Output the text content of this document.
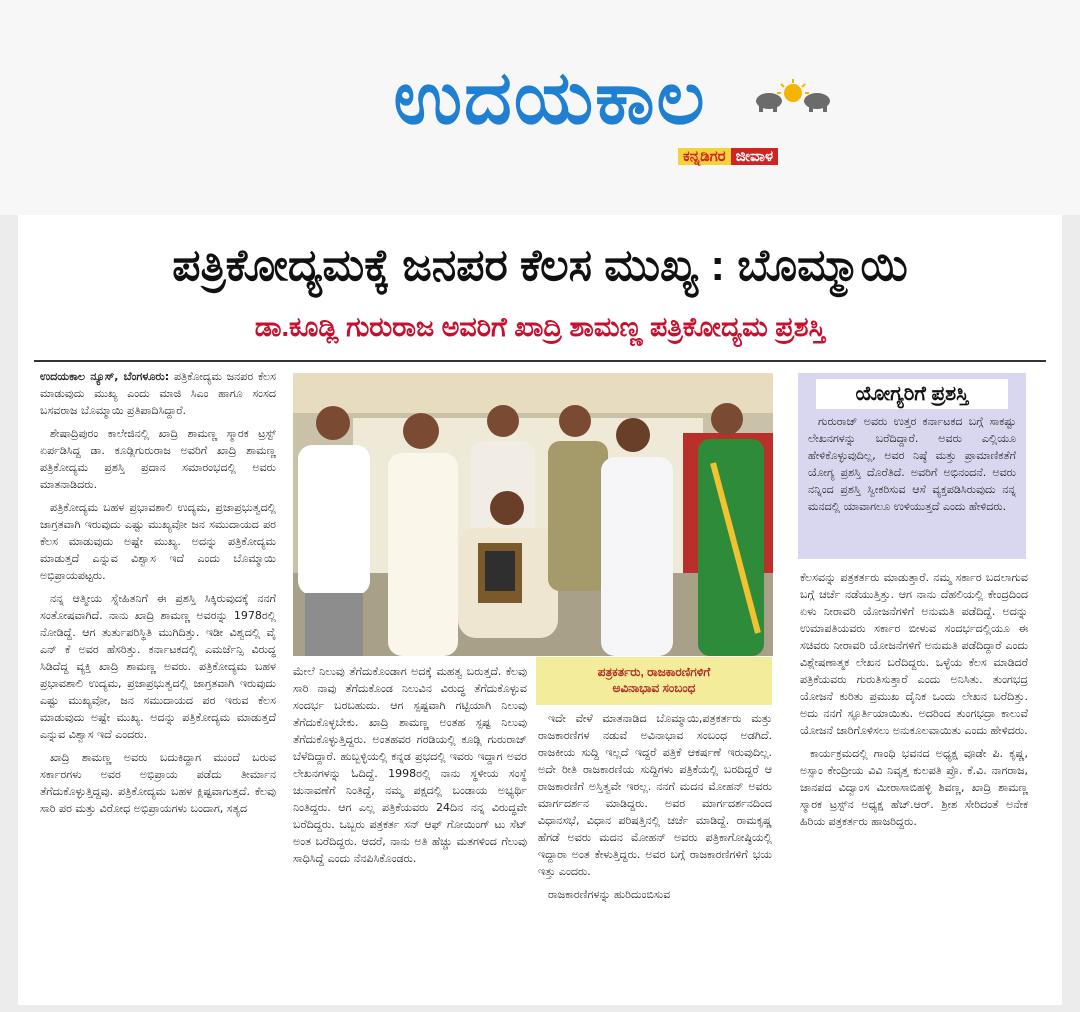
ಉದಯಕಾಲ
ಕನ್ನಡಿಗರ ಜೀವಾಳ
ಪತ್ರಿಕೋದ್ಯಮಕ್ಕೆ ಜನಪರ ಕೆಲಸ ಮುಖ್ಯ : ಬೊಮ್ಮಾಯಿ
ಡಾ.ಕೂಡ್ಲಿ ಗುರುರಾಜ ಅವರಿಗೆ ಖಾದ್ರಿ ಶಾಮಣ್ಣ ಪತ್ರಿಕೋದ್ಯಮ ಪ್ರಶಸ್ತಿ

ಉದಯಕಾಲ ನ್ಯೂಸ್, ಬೆಂಗಳೂರು: ಪತ್ರಿಕೋದ್ಯಮ ಜನಪರ ಕೆಲಸ ಮಾಡುವುದು ಮುಖ್ಯ ಎಂದು ಮಾಜಿ ಸಿಎಂ ಹಾಗೂ ಸಂಸದ ಬಸವರಾಜ ಬೊಮ್ಮಾಯಿ ಪ್ರತಿಪಾದಿಸಿದ್ದಾರೆ.

ಶೇಷಾದ್ರಿಪುರಂ ಕಾಲೇಜಿನಲ್ಲಿ ಖಾದ್ರಿ ಶಾಮಣ್ಣ ಸ್ಮಾರಕ ಟ್ರಸ್ಟ್ ಏರ್ಪಡಿಸಿದ್ದ ಡಾ. ಕೂಡ್ಲಿಗುರುರಾಜ ಅವರಿಗೆ ಖಾದ್ರಿ ಶಾಮಣ್ಣ ಪತ್ರಿಕೋದ್ಯಮ ಪ್ರಶಸ್ತಿ ಪ್ರದಾನ ಸಮಾರಂಭದಲ್ಲಿ ಅವರು ಮಾತನಾಡಿದರು.

ಪತ್ರಿಕೋದ್ಯಮ ಬಹಳ ಪ್ರಭಾವಶಾಲಿ ಉದ್ಯಮ, ಪ್ರಜಾಪ್ರಭುತ್ವದಲ್ಲಿ ಜಾಗ್ರತವಾಗಿ ಇರುವುದು ಎಷ್ಟು ಮುಖ್ಯವೋ ಜನ ಸಮುದಾಯದ ಪರ ಕೆಲಸ ಮಾಡುವುದು ಅಷ್ಟೇ ಮುಖ್ಯ. ಅದನ್ನು ಪತ್ರಿಕೋದ್ಯಮ ಮಾಡುತ್ತದೆ ಎನ್ನುವ ವಿಶ್ವಾಸ ಇದೆ ಎಂದು ಬೊಮ್ಮಾಯಿ ಅಭಿಪ್ರಾಯಪಟ್ಟರು.

ನನ್ನ ಆತ್ಮೀಯ ಸ್ನೇಹಿತನಿಗೆ ಈ ಪ್ರಶಸ್ತಿ ಸಿಕ್ಕಿರುವುದಕ್ಕೆ ನನಗೆ ಸಂತೋಷವಾಗಿದೆ. ನಾನು ಖಾದ್ರಿ ಶಾಮಣ್ಣ ಅವರನ್ನು 1978ರಲ್ಲಿ ನೋಡಿದ್ದೆ. ಆಗ ತುರ್ತುಪರಿಸ್ಥಿತಿ ಮುಗಿದಿತ್ತು. ಇಡೀ ವಿಶ್ವದಲ್ಲಿ ವೈ ಎನ್ ಕೆ ಅವರ ಹೆಸರಿತ್ತು. ಕರ್ನಾಟಕದಲ್ಲಿ ಎಮರ್ಜೆನ್ಸಿ ವಿರುದ್ಧ ಸಿಡಿದೆದ್ದ ವ್ಯಕ್ತಿ ಖಾದ್ರಿ ಶಾಮಣ್ಣ ಅವರು. ಪತ್ರಿಕೋದ್ಯಮ ಬಹಳ ಪ್ರಭಾವಶಾಲಿ ಉದ್ಯಮ, ಪ್ರಜಾಪ್ರಭುತ್ವದಲ್ಲಿ ಜಾಗ್ರತವಾಗಿ ಇರುವುದು ಎಷ್ಟು ಮುಖ್ಯವೋ, ಜನ ಸಮುದಾಯದ ಪರ ಇರುವ ಕೆಲಸ ಮಾಡುವುದು ಅಷ್ಟೇ ಮುಖ್ಯ. ಅದನ್ನು ಪತ್ರಿಕೋದ್ಯಮ ಮಾಡುತ್ತದೆ ಎನ್ನುವ ವಿಶ್ವಾಸ ಇದೆ ಎಂದರು.

ಖಾದ್ರಿ ಶಾಮಣ್ಣ ಅವರು ಬದುಕಿದ್ದಾಗ ಮುಂದೆ ಬರುವ ಸರ್ಕಾರಗಳು ಅವರ ಅಭಿಪ್ರಾಯ ಪಡೆದು ತೀರ್ಮಾನ ತೆಗೆದುಕೊಳ್ಳುತ್ತಿದ್ದವು. ಪತ್ರಿಕೋದ್ಯಮ ಬಹಳ ಕ್ಲಿಷ್ಟವಾಗುತ್ತದೆ. ಕೆಲವು ಸಾರಿ ಪರ ಮತ್ತು ವಿರೋಧ ಅಭಿಪ್ರಾಯಗಳು ಬಂದಾಗ, ಸತ್ಯದ

ಮೇಲೆ ನಿಲುವು ತೆಗೆದುಕೊಂಡಾಗ ಅದಕ್ಕೆ ಮಹತ್ವ ಬರುತ್ತದೆ. ಕೆಲವು ಸಾರಿ ನಾವು ತೆಗೆದುಕೊಂಡ ನಿಲುವಿನ ವಿರುದ್ಧ ತೆಗೆದುಕೊಳ್ಳುವ ಸಂದರ್ಭ ಬರಬಹುದು. ಆಗ ಸ್ಪಷ್ಟವಾಗಿ ಗಟ್ಟಿಯಾಗಿ ನಿಲುವು ತೆಗೆದುಕೊಳ್ಳಬೇಕು. ಖಾದ್ರಿ ಶಾಮಣ್ಣ ಅಂತಹ ಸ್ಪಷ್ಟ ನಿಲುವು ತೆಗೆದುಕೊಳ್ಳುತ್ತಿದ್ದರು. ಅಂತಹವರ ಗರಡಿಯಲ್ಲಿ ಕೂಡ್ಲಿ ಗುರುರಾಜ್ ಬೆಳೆದಿದ್ದಾರೆ. ಹುಬ್ಬಳ್ಳಿಯಲ್ಲಿ ಕನ್ನಡ ಪ್ರಭದಲ್ಲಿ ಇವರು ಇದ್ದಾಗ ಅವರ ಲೇಖನಗಳನ್ನು ಓದಿದ್ದೆ. 1998ರಲ್ಲಿ ನಾನು ಸ್ಥಳೀಯ ಸಂಸ್ಥೆ ಚುನಾವಣೆಗೆ ನಿಂತಿದ್ದೆ, ನಮ್ಮ ಪಕ್ಷದಲ್ಲಿ ಬಂಡಾಯ ಅಭ್ಯರ್ಥಿ ನಿಂತಿದ್ದರು. ಆಗ ಎಲ್ಲ ಪತ್ರಿಕೆಯವರು 24ದಿನ ನನ್ನ ವಿರುದ್ಧವೇ ಬರೆದಿದ್ದರು. ಒಬ್ಬರು ಪತ್ರಕರ್ತ ಸನ್ ಆಫ್ ಗೋಯಿಂಗ್ ಟು ಸೆಟ್ ಅಂತ ಬರೆದಿದ್ದರು. ಆದರೆ, ನಾನು ಅತಿ ಹೆಚ್ಚು ಮತಗಳಿಂದ ಗೆಲುವು ಸಾಧಿಸಿದ್ದೆ ಎಂದು ನೆನಪಿಸಿಕೊಂಡರು.

ಪತ್ರಕರ್ತರು, ರಾಜಕಾರಣಿಗಳಿಗೆ
ಅವಿನಾಭಾವ ಸಂಬಂಧ

ಇದೇ ವೇಳೆ ಮಾತನಾಡಿದ ಬೊಮ್ಮಾಯಿ,ಪತ್ರಕರ್ತರು ಮತ್ತು ರಾಜಕಾರಣಿಗಳ ನಡುವೆ ಅವಿನಾಭಾವ ಸಂಬಂಧ ಅಡಗಿದೆ. ರಾಜಕೀಯ ಸುದ್ದಿ ಇಲ್ಲದೆ ಇದ್ದರೆ ಪತ್ರಿಕೆ ಆಕರ್ಷಣೆ ಇರುವುದಿಲ್ಲ. ಅದೇ ರೀತಿ ರಾಜಕಾರಣಿಯ ಸುದ್ದಿಗಳು ಪತ್ರಿಕೆಯಲ್ಲಿ ಬರದಿದ್ದರೆ ಆ ರಾಜಕಾರಣಿಗೆ ಅಸ್ತಿತ್ವವೇ ಇರಲ್ಲ. ನನಗೆ ಮದನ ಮೋಹನ್ ಅವರು ಮಾರ್ಗದರ್ಶನ ಮಾಡಿದ್ದರು. ಅವರ ಮಾರ್ಗದರ್ಶನದಿಂದ ವಿಧಾನಸಭೆ, ವಿಧಾನ ಪರಿಷತ್ತಿನಲ್ಲಿ ಚರ್ಚೆ ಮಾಡಿದ್ದೆ. ರಾಮಕೃಷ್ಣ ಹೆಗಡೆ ಅವರು ಮದನ ಮೋಹನ್ ಅವರು ಪತ್ರಿಕಾಗೋಷ್ಠಿಯಲ್ಲಿ ಇದ್ದಾರಾ ಅಂತ ಕೇಳುತ್ತಿದ್ದರು. ಅವರ ಬಗ್ಗೆ ರಾಜಕಾರಣಿಗಳಿಗೆ ಭಯ ಇತ್ತು ಎಂದರು.

ರಾಜಕಾರಣಿಗಳನ್ನು ಹುರಿದುಂಬಿಸುವ

ಯೋಗ್ಯರಿಗೆ ಪ್ರಶಸ್ತಿ

ಗುರುರಾಜ್ ಅವರು ಉತ್ತರ ಕರ್ನಾಟಕದ ಬಗ್ಗೆ ಸಾಕಷ್ಟು ಲೇಖನಗಳನ್ನು ಬರೆದಿದ್ದಾರೆ. ಅವರು ಎಲ್ಲಿಯೂ ಹೇಳಿಕೊಳ್ಳುವುದಿಲ್ಲ, ಅವರ ನಿಷ್ಠೆ ಮತ್ತು ಪ್ರಾಮಾಣಿಕತೆಗೆ ಯೋಗ್ಯ ಪ್ರಶಸ್ತಿ ದೊರೆತಿದೆ. ಅವರಿಗೆ ಅಭಿನಂದನೆ. ಅವರು ನನ್ನಿಂದ ಪ್ರಶಸ್ತಿ ಸ್ವೀಕರಿಸುವ ಆಸೆ ವ್ಯಕ್ತಪಡಿಸಿರುವುದು ನನ್ನ ಮನದಲ್ಲಿ ಯಾವಾಗಲೂ ಉಳಿಯುತ್ತದೆ ಎಂದು ಹೇಳಿದರು.

ಕೆಲಸವನ್ನು ಪತ್ರಕರ್ತರು ಮಾಡುತ್ತಾರೆ. ನಮ್ಮ ಸರ್ಕಾರ ಬದಲಾಗುವ ಬಗ್ಗೆ ಚರ್ಚೆ ನಡೆಯುತ್ತಿತ್ತು. ಆಗ ನಾನು ದೆಹಲಿಯಲ್ಲಿ ಕೇಂದ್ರದಿಂದ ಏಳು ನೀರಾವರಿ ಯೋಜನೆಗಳಿಗೆ ಅನುಮತಿ ಪಡೆದಿದ್ದೆ. ಅದನ್ನು ಉಮಾಪತಿಯವರು ಸರ್ಕಾರ ಬೀಳುವ ಸಂದರ್ಭದಲ್ಲಿಯೂ ಈ ಸಚಿವರು ನೀರಾವರಿ ಯೋಜನೆಗಳಿಗೆ ಅನುಮತಿ ಪಡೆದಿದ್ದಾರೆ ಎಂದು ವಿಶ್ಲೇಷಣಾತ್ಮಕ ಲೇಖನ ಬರೆದಿದ್ದರು. ಒಳ್ಳೆಯ ಕೆಲಸ ಮಾಡಿದರೆ ಪತ್ರಿಕೆಯವರು ಗುರುತಿಸುತ್ತಾರೆ ಎಂದು ಅನಿಸಿತು. ತುಂಗಭದ್ರ ಯೋಜನೆ ಕುರಿತು ಪ್ರಮುಖ ದೈನಿಕ ಒಂದು ಲೇಖನ ಬರೆದಿತ್ತು. ಅದು ನನಗೆ ಸ್ಫೂರ್ತಿಯಾಯಿತು. ಅದರಿಂದ ತುಂಗಭದ್ರಾ ಕಾಲುವೆ ಯೋಜನೆ ಜಾರಿಗೊಳಿಸಲು ಅನುಕೂಲವಾಯಿತು ಎಂದು ಹೇಳಿದರು.

ಕಾರ್ಯಕ್ರಮದಲ್ಲಿ ಗಾಂಧಿ ಭವನದ ಅಧ್ಯಕ್ಷ ವೂಡೇ ಪಿ. ಕೃಷ್ಣ, ಅಸ್ಸಾಂ ಕೇಂದ್ರೀಯ ವಿವಿ ನಿವೃತ್ತ ಕುಲಪತಿ ಪ್ರೊ. ಕೆ.ವಿ. ನಾಗರಾಜ, ಜಾನಪದ ವಿದ್ವಾಂಸ ಮೀರಾಸಾಬಿಹಳ್ಳಿ ಶಿವಣ್ಣ, ಖಾದ್ರಿ ಶಾಮಣ್ಣ ಸ್ಮಾರಕ ಟ್ರಸ್ಟ್‌ನ ಅಧ್ಯಕ್ಷ ಹೆಚ್.ಆರ್. ಶ್ರೀಶ ಸೇರಿದಂತೆ ಅನೇಕ ಹಿರಿಯ ಪತ್ರಕರ್ತರು ಹಾಜರಿದ್ದರು.
